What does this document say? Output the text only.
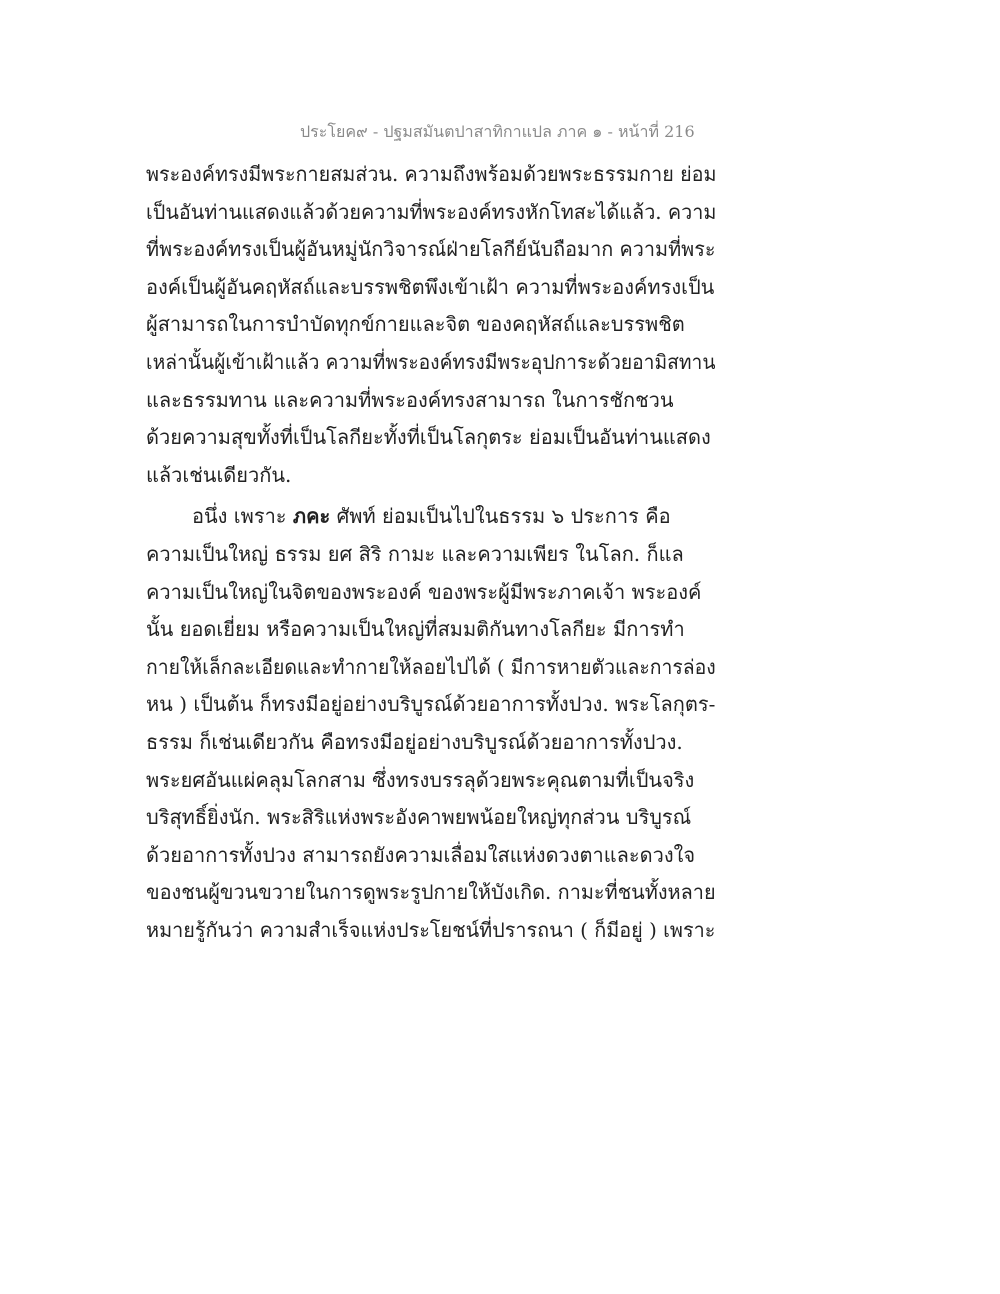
ประโยค๙ - ปฐมสมันตปาสาทิกาแปล ภาค ๑ - หน้าที่ 216
พระองค์ทรงมีพระกายสมส่วน. ความถึงพร้อมด้วยพระธรรมกาย ย่อม
เป็นอันท่านแสดงแล้วด้วยความที่พระองค์ทรงหักโทสะได้แล้ว. ความ
ที่พระองค์ทรงเป็นผู้อันหมู่นักวิจารณ์ฝ่ายโลกีย์นับถือมาก ความที่พระ
องค์เป็นผู้อันคฤหัสถ์และบรรพชิตพึงเข้าเฝ้า ความที่พระองค์ทรงเป็น
ผู้สามารถในการบำบัดทุกข์กายและจิต ของคฤหัสถ์และบรรพชิต
เหล่านั้นผู้เข้าเฝ้าแล้ว ความที่พระองค์ทรงมีพระอุปการะด้วยอามิสทาน
และธรรมทาน และความที่พระองค์ทรงสามารถ ในการชักชวน
ด้วยความสุขทั้งที่เป็นโลกียะทั้งที่เป็นโลกุตระ ย่อมเป็นอันท่านแสดง
แล้วเช่นเดียวกัน.
อนึ่ง เพราะ ภคะ ศัพท์ ย่อมเป็นไปในธรรม ๖ ประการ คือ
ความเป็นใหญ่ ธรรม ยศ สิริ กามะ และความเพียร ในโลก. ก็แล
ความเป็นใหญ่ในจิตของพระองค์ ของพระผู้มีพระภาคเจ้า พระองค์
นั้น ยอดเยี่ยม หรือความเป็นใหญ่ที่สมมติกันทางโลกียะ มีการทำ
กายให้เล็กละเอียดและทำกายให้ลอยไปได้ ( มีการหายตัวและการล่อง
หน ) เป็นต้น ก็ทรงมีอยู่อย่างบริบูรณ์ด้วยอาการทั้งปวง. พระโลกุตร-
ธรรม ก็เช่นเดียวกัน คือทรงมีอยู่อย่างบริบูรณ์ด้วยอาการทั้งปวง.
พระยศอันแผ่คลุมโลกสาม ซึ่งทรงบรรลุด้วยพระคุณตามที่เป็นจริง
บริสุทธิ์ยิ่งนัก. พระสิริแห่งพระอังคาพยพน้อยใหญ่ทุกส่วน บริบูรณ์
ด้วยอาการทั้งปวง สามารถยังความเลื่อมใสแห่งดวงตาและดวงใจ
ของชนผู้ขวนขวายในการดูพระรูปกายให้บังเกิด. กามะที่ชนทั้งหลาย
หมายรู้กันว่า ความสำเร็จแห่งประโยชน์ที่ปรารถนา ( ก็มีอยู่ ) เพราะ
